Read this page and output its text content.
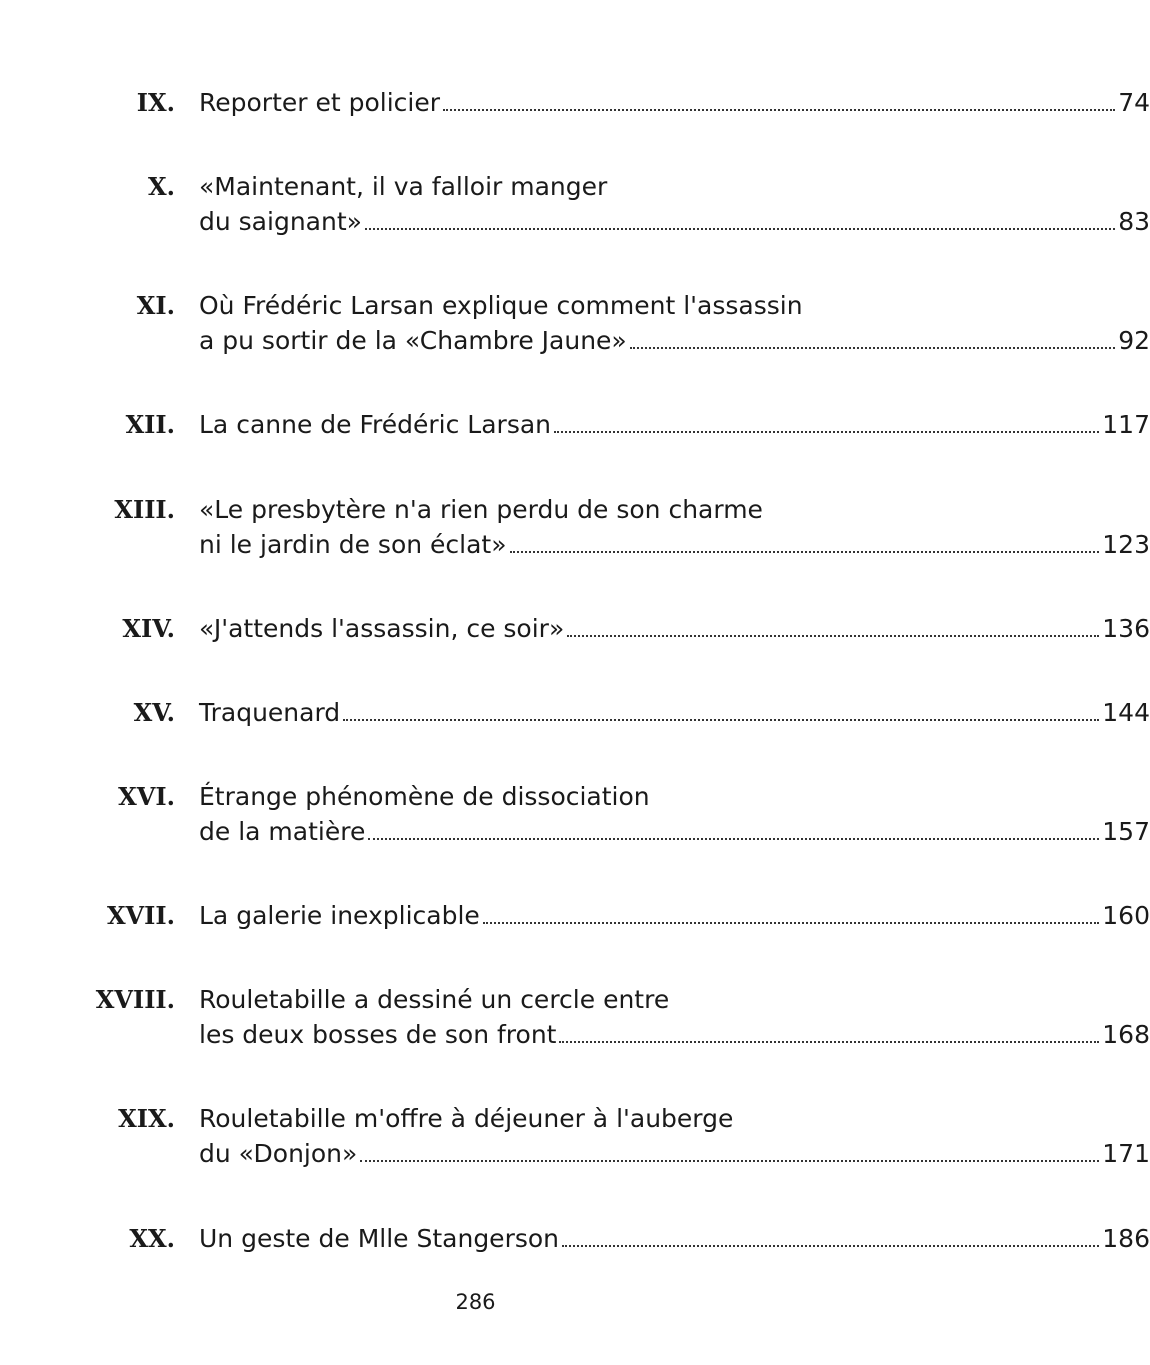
IX. Reporter et policier	74
X. «Maintenant, il va falloir manger
du saignant»	83
XI. Où Frédéric Larsan explique comment l'assassin
a pu sortir de la «Chambre Jaune»	92
XII. La canne de Frédéric Larsan	117
XIII. «Le presbytère n'a rien perdu de son charme
ni le jardin de son éclat»	123
XIV. «J'attends l'assassin, ce soir»	136
XV. Traquenard	144
XVI. Étrange phénomène de dissociation
de la matière	157
XVII. La galerie inexplicable	160
XVIII. Rouletabille a dessiné un cercle entre
les deux bosses de son front	168
XIX. Rouletabille m'offre à déjeuner à l'auberge
du «Donjon»	171
XX. Un geste de Mlle Stangerson	186
286
